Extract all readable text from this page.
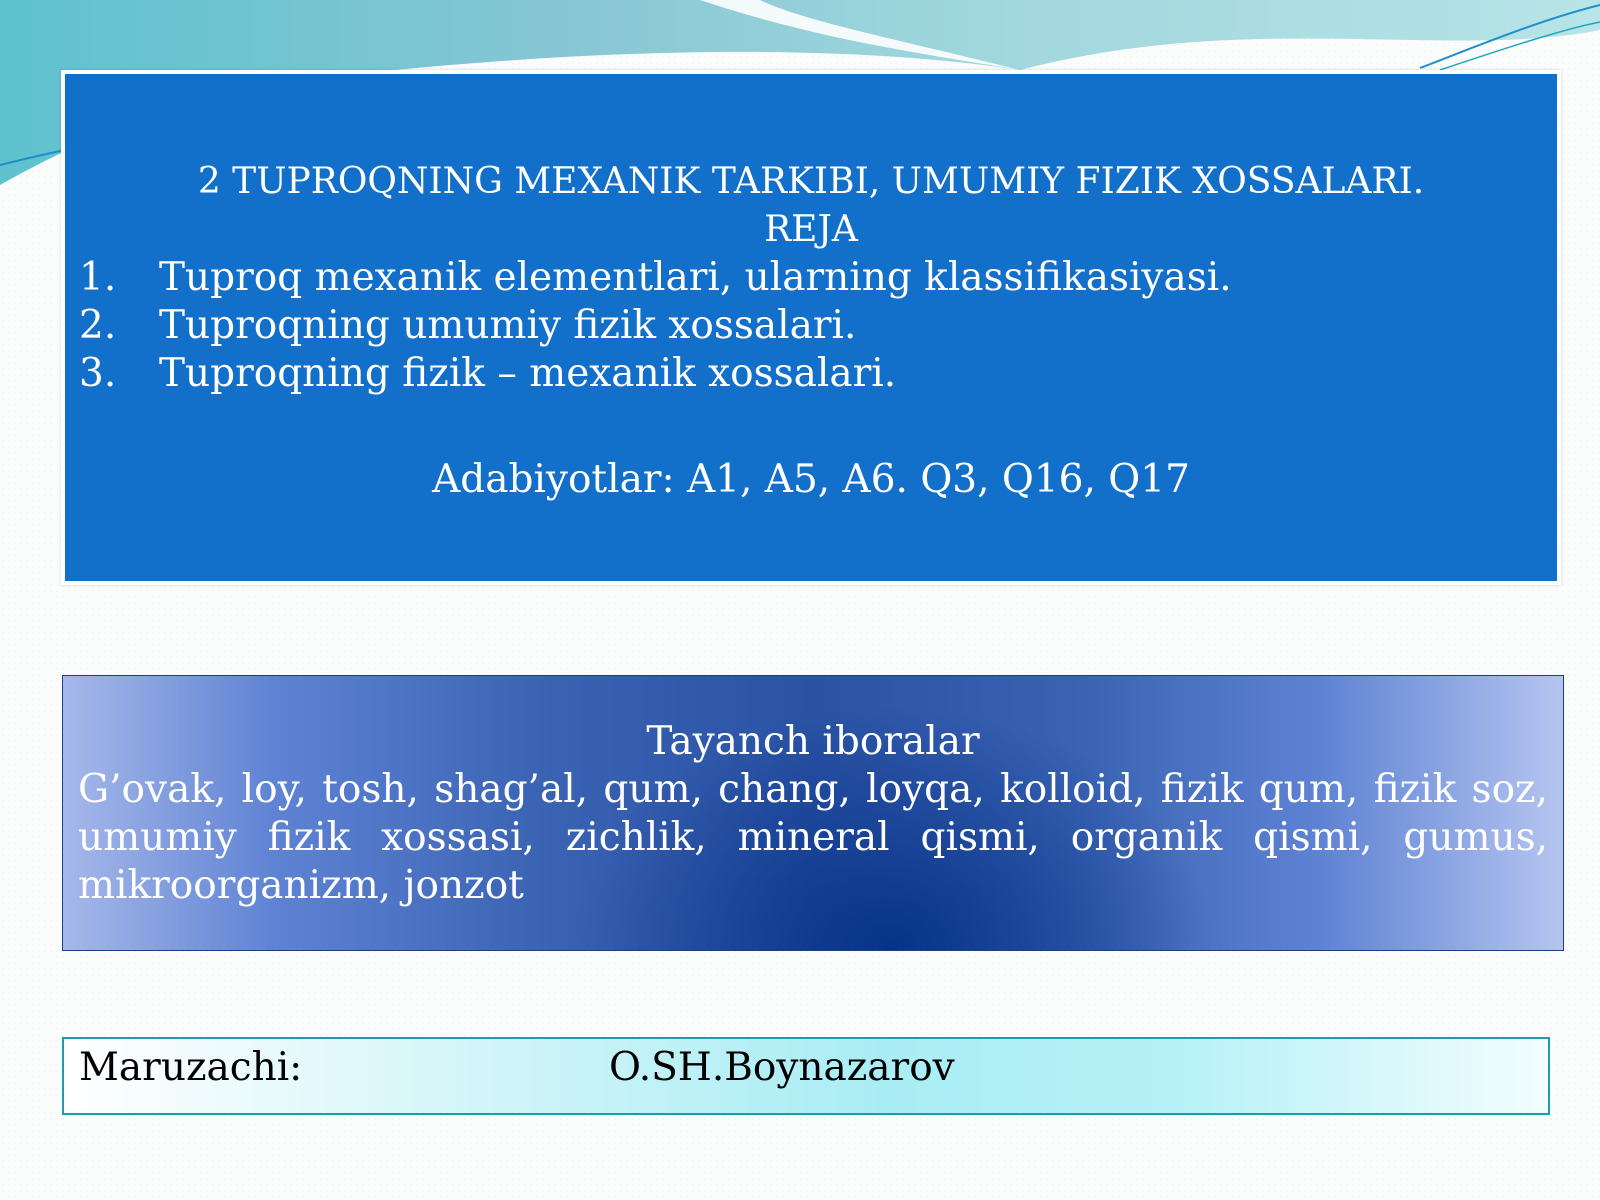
2 TUPROQNING MEXANIK TARKIBI, UMUMIY FIZIK XOSSALARI.
REJA
1.	Tuproq mexanik elementlari, ularning klassifikasiyasi.
2.	Tuproqning umumiy fizik xossalari.
3.	Tuproqning fizik – mexanik xossalari.
Adabiyotlar: A1, A5, A6. Q3, Q16, Q17
Tayanch iboralar
G’ovak, loy, tosh, shag’al, qum, chang, loyqa, kolloid, fizik qum, fizik soz, umumiy fizik xossasi, zichlik, mineral qismi, organik qismi, gumus, mikroorganizm, jonzot
Maruzachi:	O.SH.Boynazarov
